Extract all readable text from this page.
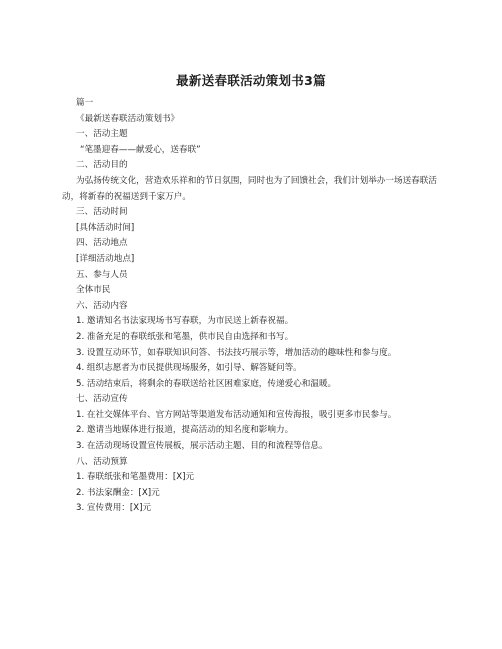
最新送春联活动策划书3篇
篇一
《最新送春联活动策划书》
一、活动主题
“笔墨迎春——献爱心，送春联”
二、活动目的
为弘扬传统文化，营造欢乐祥和的节日氛围，同时也为了回馈社会，我们计划举办一场送春联活动，将新春的祝福送到千家万户。
三、活动时间
[具体活动时间]
四、活动地点
[详细活动地点]
五、参与人员
全体市民
六、活动内容
1. 邀请知名书法家现场书写春联，为市民送上新春祝福。
2. 准备充足的春联纸张和笔墨，供市民自由选择和书写。
3. 设置互动环节，如春联知识问答、书法技巧展示等，增加活动的趣味性和参与度。
4. 组织志愿者为市民提供现场服务，如引导、解答疑问等。
5. 活动结束后，将剩余的春联送给社区困难家庭，传递爱心和温暖。
七、活动宣传
1. 在社交媒体平台、官方网站等渠道发布活动通知和宣传海报，吸引更多市民参与。
2. 邀请当地媒体进行报道，提高活动的知名度和影响力。
3. 在活动现场设置宣传展板，展示活动主题、目的和流程等信息。
八、活动预算
1. 春联纸张和笔墨费用：[X]元
2. 书法家酬金：[X]元
3. 宣传费用：[X]元
